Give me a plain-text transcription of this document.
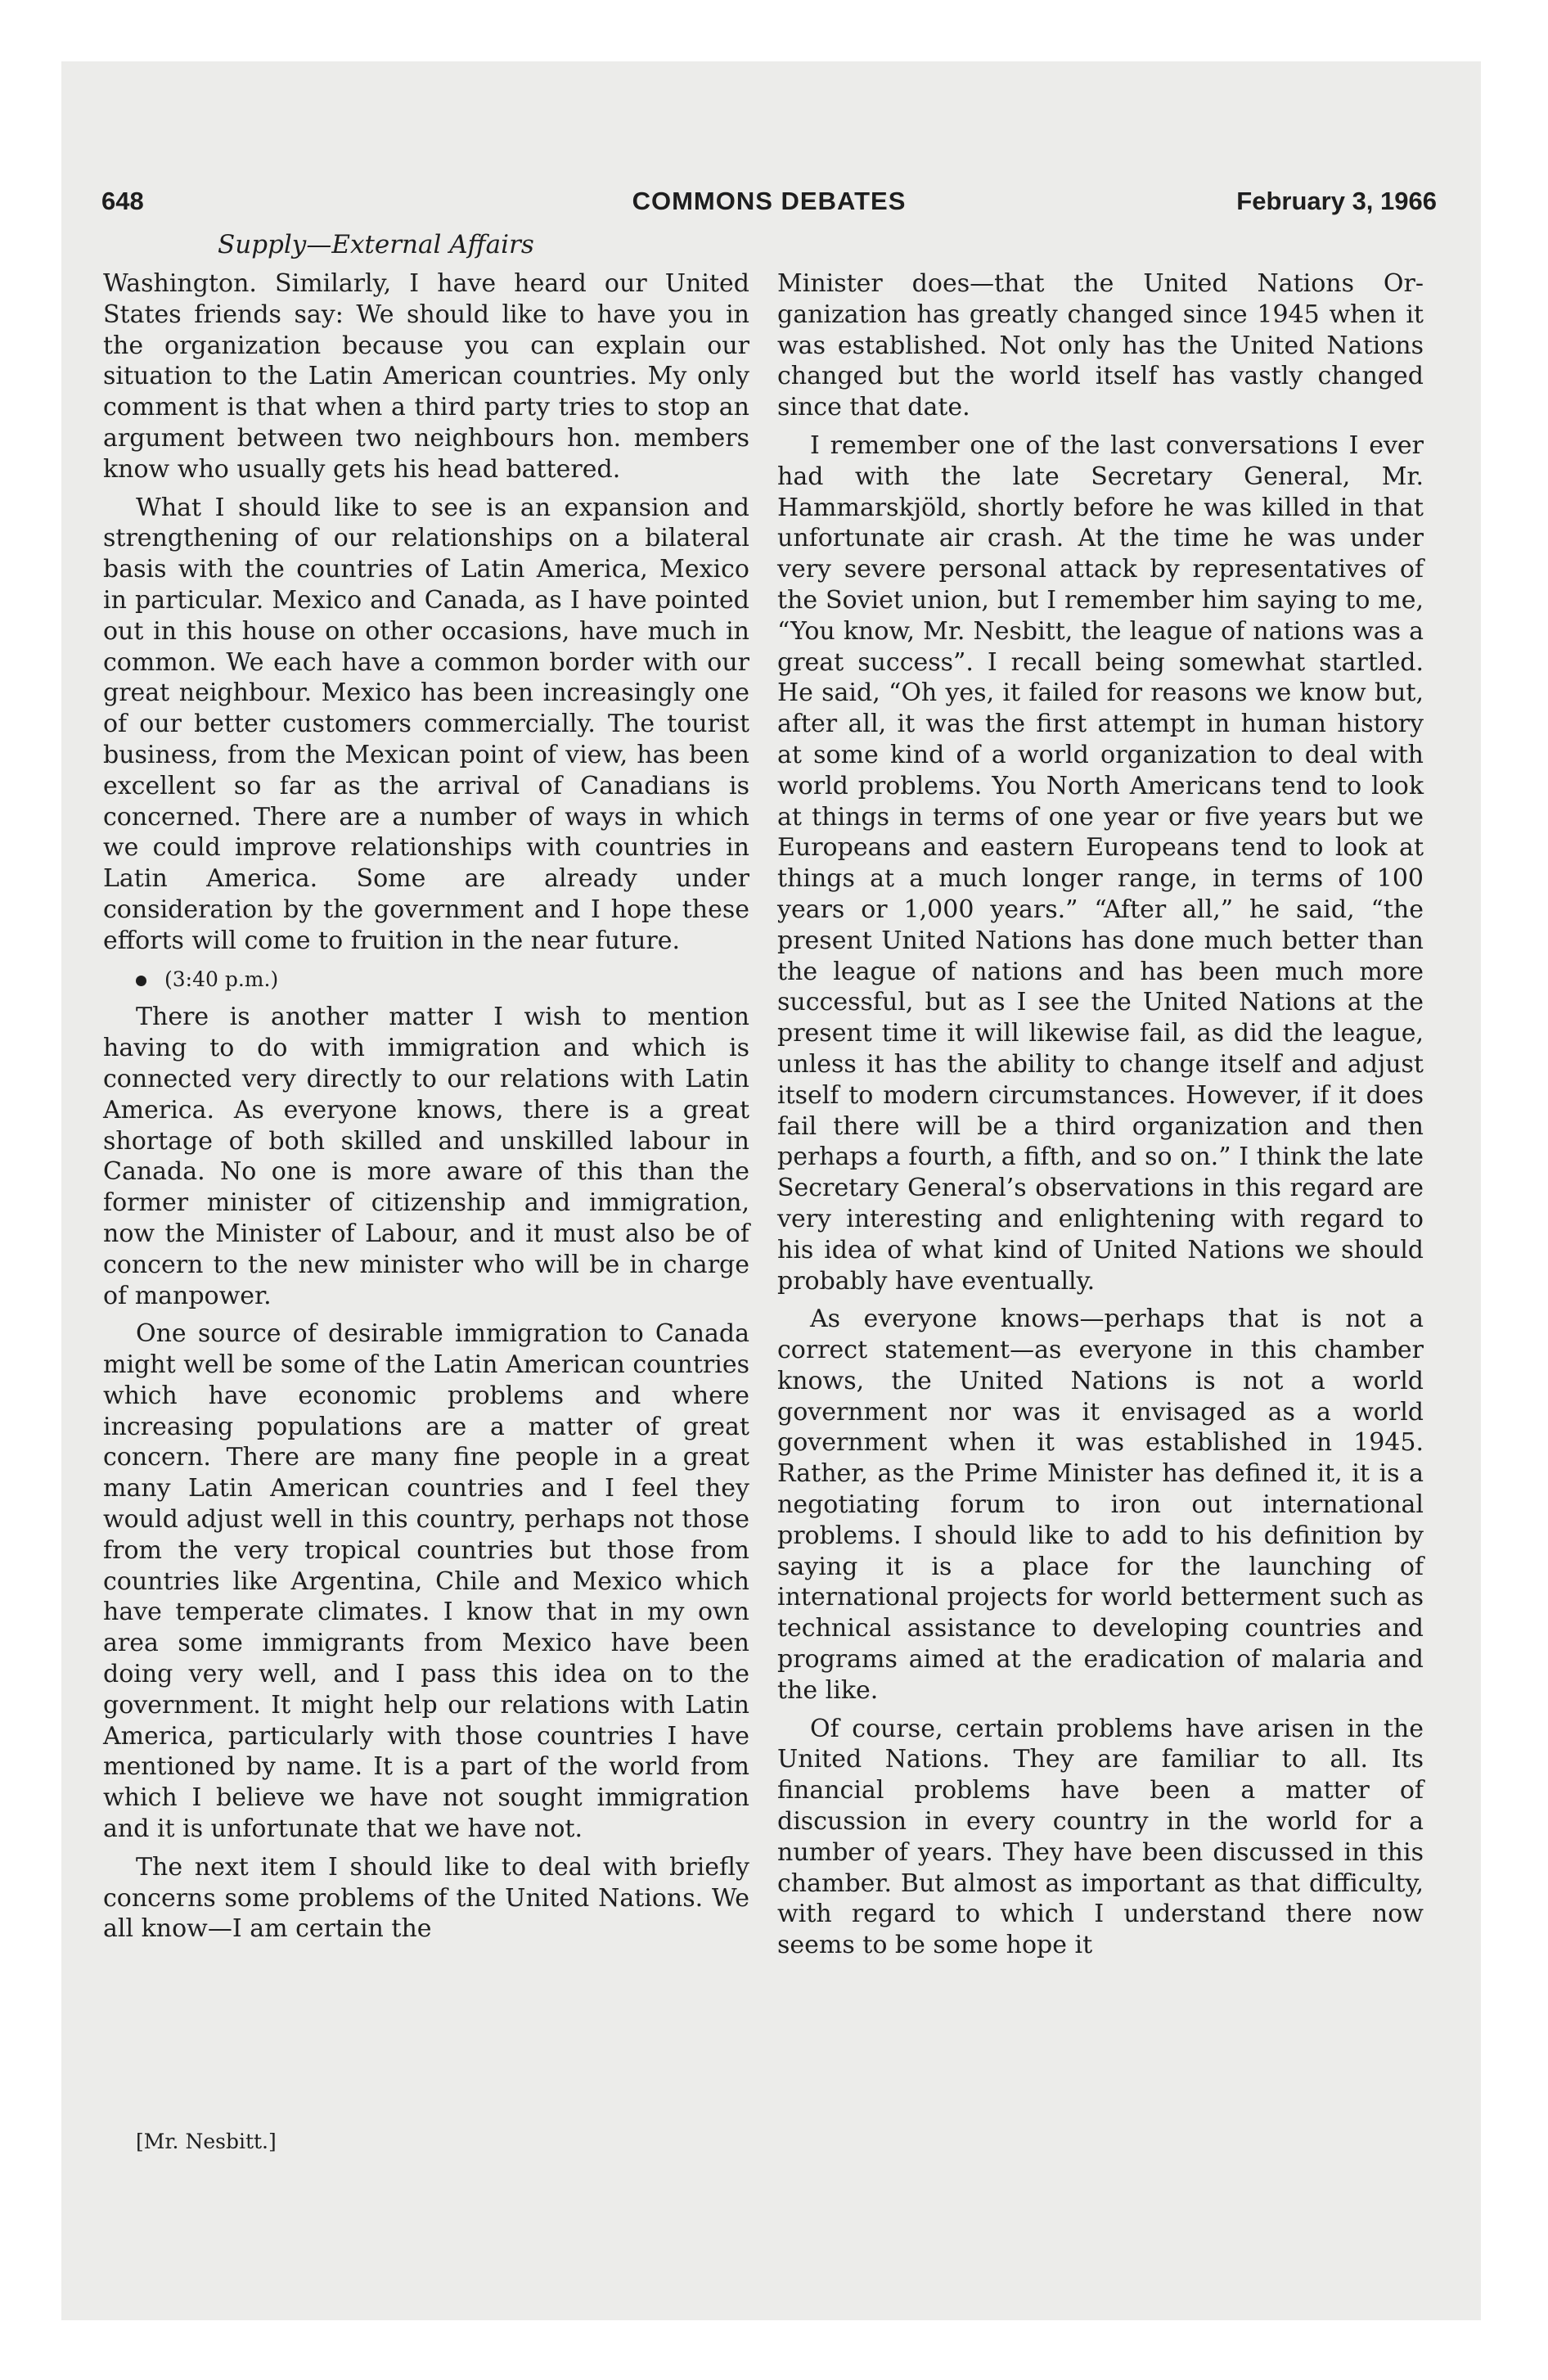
648	COMMONS DEBATES	February 3, 1966
Supply—External Affairs

Washington. Similarly, I have heard our United States friends say: We should like to have you in the organization because you can explain our situation to the Latin American countries. My only comment is that when a third party tries to stop an argument between two neighbours hon. members know who usually gets his head battered.

What I should like to see is an expansion and strengthening of our relationships on a bilateral basis with the countries of Latin America, Mexico in particular. Mexico and Canada, as I have pointed out in this house on other occasions, have much in common. We each have a common border with our great neighbour. Mexico has been increasingly one of our better customers commercially. The tourist business, from the Mexican point of view, has been excellent so far as the arrival of Canadians is concerned. There are a number of ways in which we could improve relationships with countries in Latin America. Some are already under consideration by the government and I hope these efforts will come to fruition in the near future.

(3:40 p.m.)

There is another matter I wish to mention having to do with immigration and which is connected very directly to our relations with Latin America. As everyone knows, there is a great shortage of both skilled and unskilled labour in Canada. No one is more aware of this than the former minister of citizenship and immigration, now the Minister of Labour, and it must also be of concern to the new minister who will be in charge of manpower.

One source of desirable immigration to Canada might well be some of the Latin American countries which have economic problems and where increasing populations are a matter of great concern. There are many fine people in a great many Latin American countries and I feel they would adjust well in this country, perhaps not those from the very tropical countries but those from countries like Argentina, Chile and Mexico which have temperate climates. I know that in my own area some immigrants from Mexico have been doing very well, and I pass this idea on to the government. It might help our relations with Latin America, particularly with those countries I have mentioned by name. It is a part of the world from which I believe we have not sought immigration and it is unfortunate that we have not.

The next item I should like to deal with briefly concerns some problems of the United Nations. We all know—I am certain the

Minister does—that the United Nations Organization has greatly changed since 1945 when it was established. Not only has the United Nations changed but the world itself has vastly changed since that date.

I remember one of the last conversations I ever had with the late Secretary General, Mr. Hammarskjöld, shortly before he was killed in that unfortunate air crash. At the time he was under very severe personal attack by representatives of the Soviet union, but I remember him saying to me, “You know, Mr. Nesbitt, the league of nations was a great success”. I recall being somewhat startled. He said, “Oh yes, it failed for reasons we know but, after all, it was the first attempt in human history at some kind of a world organization to deal with world problems. You North Americans tend to look at things in terms of one year or five years but we Europeans and eastern Europeans tend to look at things at a much longer range, in terms of 100 years or 1,000 years.” “After all,” he said, “the present United Nations has done much better than the league of nations and has been much more successful, but as I see the United Nations at the present time it will likewise fail, as did the league, unless it has the ability to change itself and adjust itself to modern circumstances. However, if it does fail there will be a third organization and then perhaps a fourth, a fifth, and so on.” I think the late Secretary General’s observations in this regard are very interesting and enlightening with regard to his idea of what kind of United Nations we should probably have eventually.

As everyone knows—perhaps that is not a correct statement—as everyone in this chamber knows, the United Nations is not a world government nor was it envisaged as a world government when it was established in 1945. Rather, as the Prime Minister has defined it, it is a negotiating forum to iron out international problems. I should like to add to his definition by saying it is a place for the launching of international projects for world betterment such as technical assistance to developing countries and programs aimed at the eradication of malaria and the like.

Of course, certain problems have arisen in the United Nations. They are familiar to all. Its financial problems have been a matter of discussion in every country in the world for a number of years. They have been discussed in this chamber. But almost as important as that difficulty, with regard to which I understand there now seems to be some hope it

[Mr. Nesbitt.]
